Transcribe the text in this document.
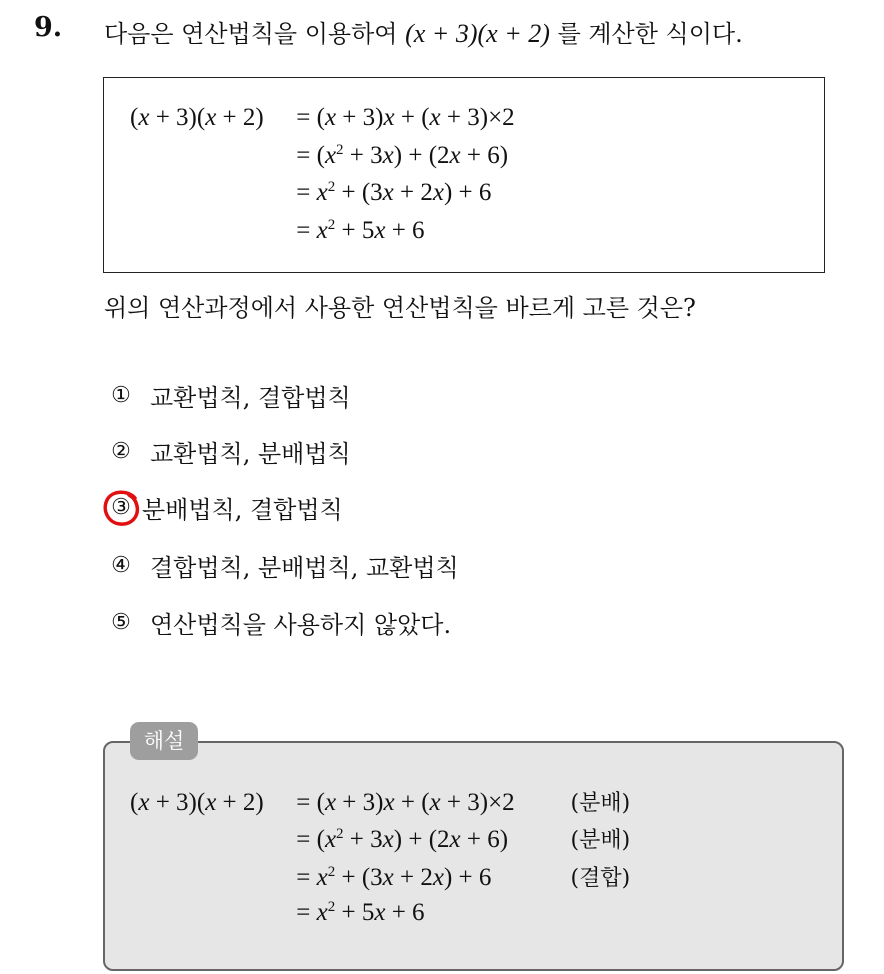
9. 다음은 연산법칙을 이용하여 (x + 3)(x + 2) 를 계산한 식이다.
(x + 3)(x + 2) = (x + 3)x + (x + 3)×2
= $(x^2 + 3x) + (2x + 6)$
= $x^2 + (3x + 2x) + 6$
= $x^2 + 5x + 6$
위의 연산과정에서 사용한 연산법칙을 바르게 고른 것은?
① 교환법칙, 결합법칙
② 교환법칙, 분배법칙
③ 분배법칙, 결합법칙
④ 결합법칙, 분배법칙, 교환법칙
⑤ 연산법칙을 사용하지 않았다.
해설
(x + 3)(x + 2) = (x + 3)x + (x + 3)×2	(분배)
= $(x^2 + 3x) + (2x + 6)$	(분배)
= $x^2 + (3x + 2x) + 6$	(결합)
= $x^2 + 5x + 6$
